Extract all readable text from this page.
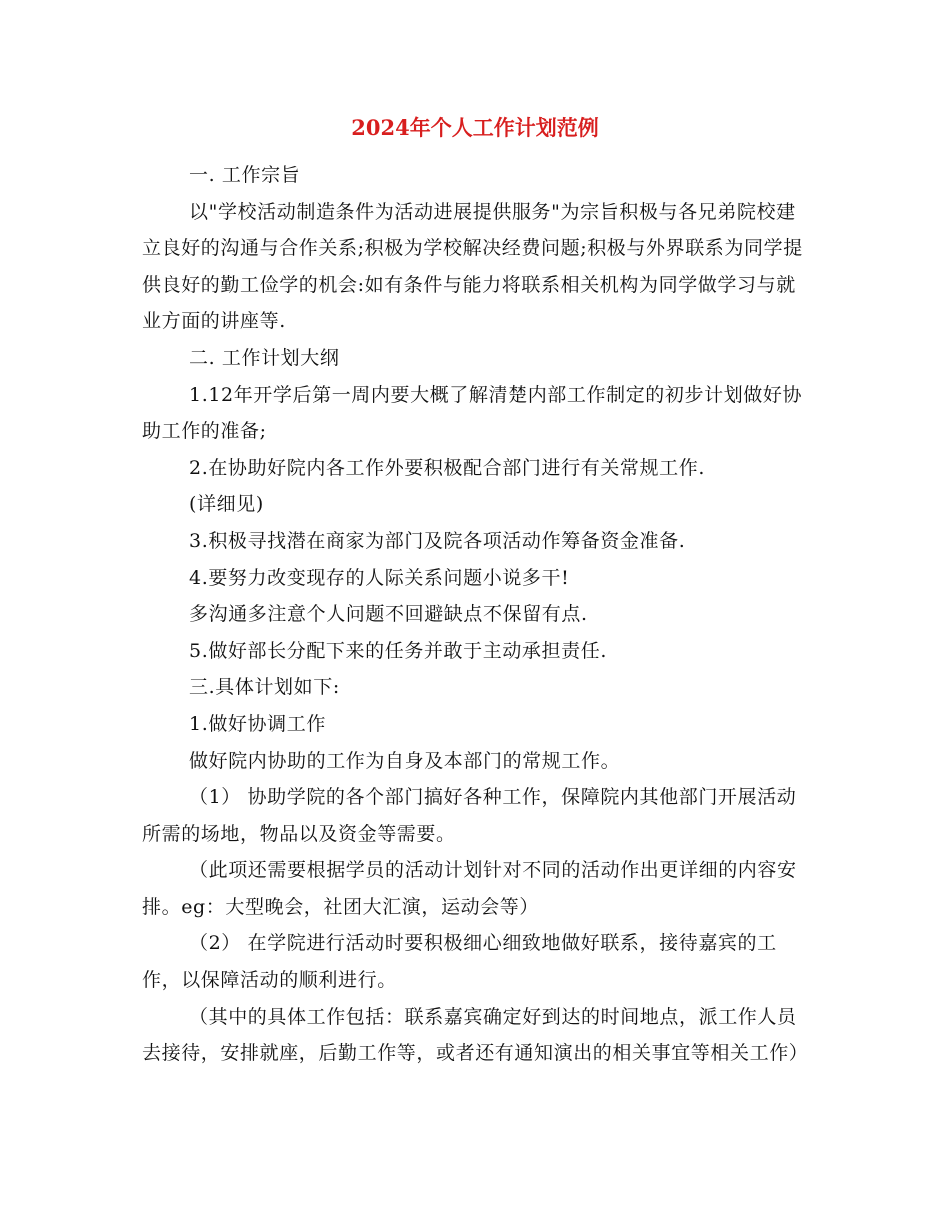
2024年个人工作计划范例

一. 工作宗旨

以"学校活动制造条件为活动进展提供服务"为宗旨积极与各兄弟院校建立良好的沟通与合作关系;积极为学校解决经费问题;积极与外界联系为同学提供良好的勤工俭学的机会:如有条件与能力将联系相关机构为同学做学习与就业方面的讲座等.

二. 工作计划大纲

1.12年开学后第一周内要大概了解清楚内部工作制定的初步计划做好协助工作的准备;

2.在协助好院内各工作外要积极配合部门进行有关常规工作.

(详细见)

3.积极寻找潜在商家为部门及院各项活动作筹备资金准备.

4.要努力改变现存的人际关系问题小说多干!

多沟通多注意个人问题不回避缺点不保留有点.

5.做好部长分配下来的任务并敢于主动承担责任.

三.具体计划如下:

1.做好协调工作

做好院内协助的工作为自身及本部门的常规工作。

（1） 协助学院的各个部门搞好各种工作，保障院内其他部门开展活动所需的场地，物品以及资金等需要。

（此项还需要根据学员的活动计划针对不同的活动作出更详细的内容安排。eg：大型晚会，社团大汇演，运动会等）

（2） 在学院进行活动时要积极细心细致地做好联系，接待嘉宾的工作，以保障活动的顺利进行。

（其中的具体工作包括：联系嘉宾确定好到达的时间地点，派工作人员去接待，安排就座，后勤工作等，或者还有通知演出的相关事宜等相关工作）
